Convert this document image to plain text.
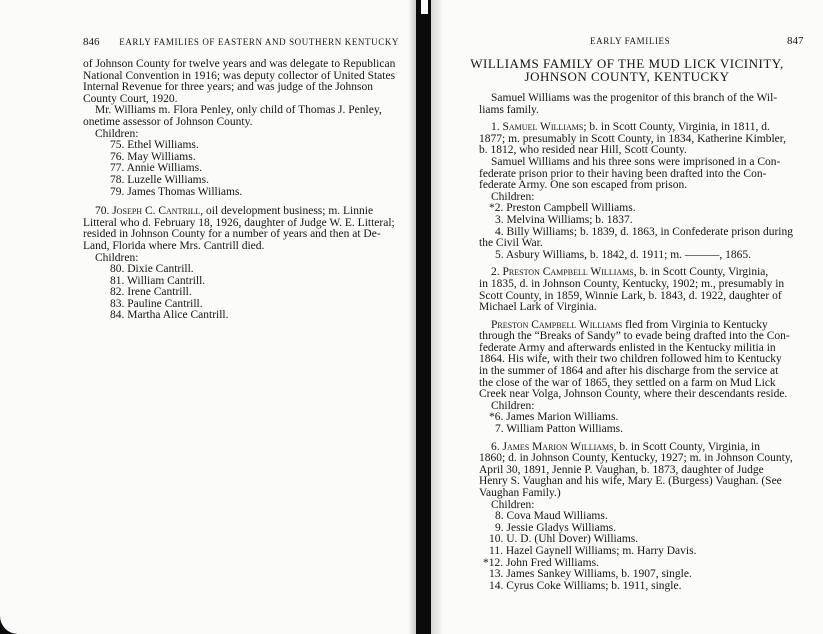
846 EARLY FAMILIES OF EASTERN AND SOUTHERN KENTUCKY
of Johnson County for twelve years and was delegate to Republican
National Convention in 1916; was deputy collector of United States
Internal Revenue for three years; and was judge of the Johnson
County Court, 1920.
Mr. Williams m. Flora Penley, only child of Thomas J. Penley,
onetime assessor of Johnson County.
Children:
75. Ethel Williams.
76. May Williams.
77. Annie Williams.
78. Luzelle Williams.
79. James Thomas Williams.
70. Joseph C. Cantrill, oil development business; m. Linnie
Litteral who d. February 18, 1926, daughter of Judge W. E. Litteral;
resided in Johnson County for a number of years and then at De-
Land, Florida where Mrs. Cantrill died.
Children:
80. Dixie Cantrill.
81. William Cantrill.
82. Irene Cantrill.
83. Pauline Cantrill.
84. Martha Alice Cantrill.
EARLY FAMILIES	847
WILLIAMS FAMILY OF THE MUD LICK VICINITY,
JOHNSON COUNTY, KENTUCKY
Samuel Williams was the progenitor of this branch of the Wil-
liams family.
1. Samuel Williams; b. in Scott County, Virginia, in 1811, d.
1877; m. presumably in Scott County, in 1834, Katherine Kimbler,
b. 1812, who resided near Hill, Scott County.
Samuel Williams and his three sons were imprisoned in a Con-
federate prison prior to their having been drafted into the Con-
federate Army. One son escaped from prison.
Children:
*2. Preston Campbell Williams.
3. Melvina Williams; b. 1837.
4. Billy Williams; b. 1839, d. 1863, in Confederate prison during
the Civil War.
5. Asbury Williams, b. 1842, d. 1911; m. ———, 1865.
2. Preston Campbell Williams, b. in Scott County, Virginia,
in 1835, d. in Johnson County, Kentucky, 1902; m., presumably in
Scott County, in 1859, Winnie Lark, b. 1843, d. 1922, daughter of
Michael Lark of Virginia.
Preston Campbell Williams fled from Virginia to Kentucky
through the “Breaks of Sandy” to evade being drafted into the Con-
federate Army and afterwards enlisted in the Kentucky militia in
1864. His wife, with their two children followed him to Kentucky
in the summer of 1864 and after his discharge from the service at
the close of the war of 1865, they settled on a farm on Mud Lick
Creek near Volga, Johnson County, where their descendants reside.
Children:
*6. James Marion Williams.
7. William Patton Williams.
6. James Marion Williams, b. in Scott County, Virginia, in
1860; d. in Johnson County, Kentucky, 1927; m. in Johnson County,
April 30, 1891, Jennie P. Vaughan, b. 1873, daughter of Judge
Henry S. Vaughan and his wife, Mary E. (Burgess) Vaughan. (See
Vaughan Family.)
Children:
8. Cova Maud Williams.
9. Jessie Gladys Williams.
10. U. D. (Uhl Dover) Williams.
11. Hazel Gaynell Williams; m. Harry Davis.
*12. John Fred Williams.
13. James Sankey Williams, b. 1907, single.
14. Cyrus Coke Williams; b. 1911, single.
